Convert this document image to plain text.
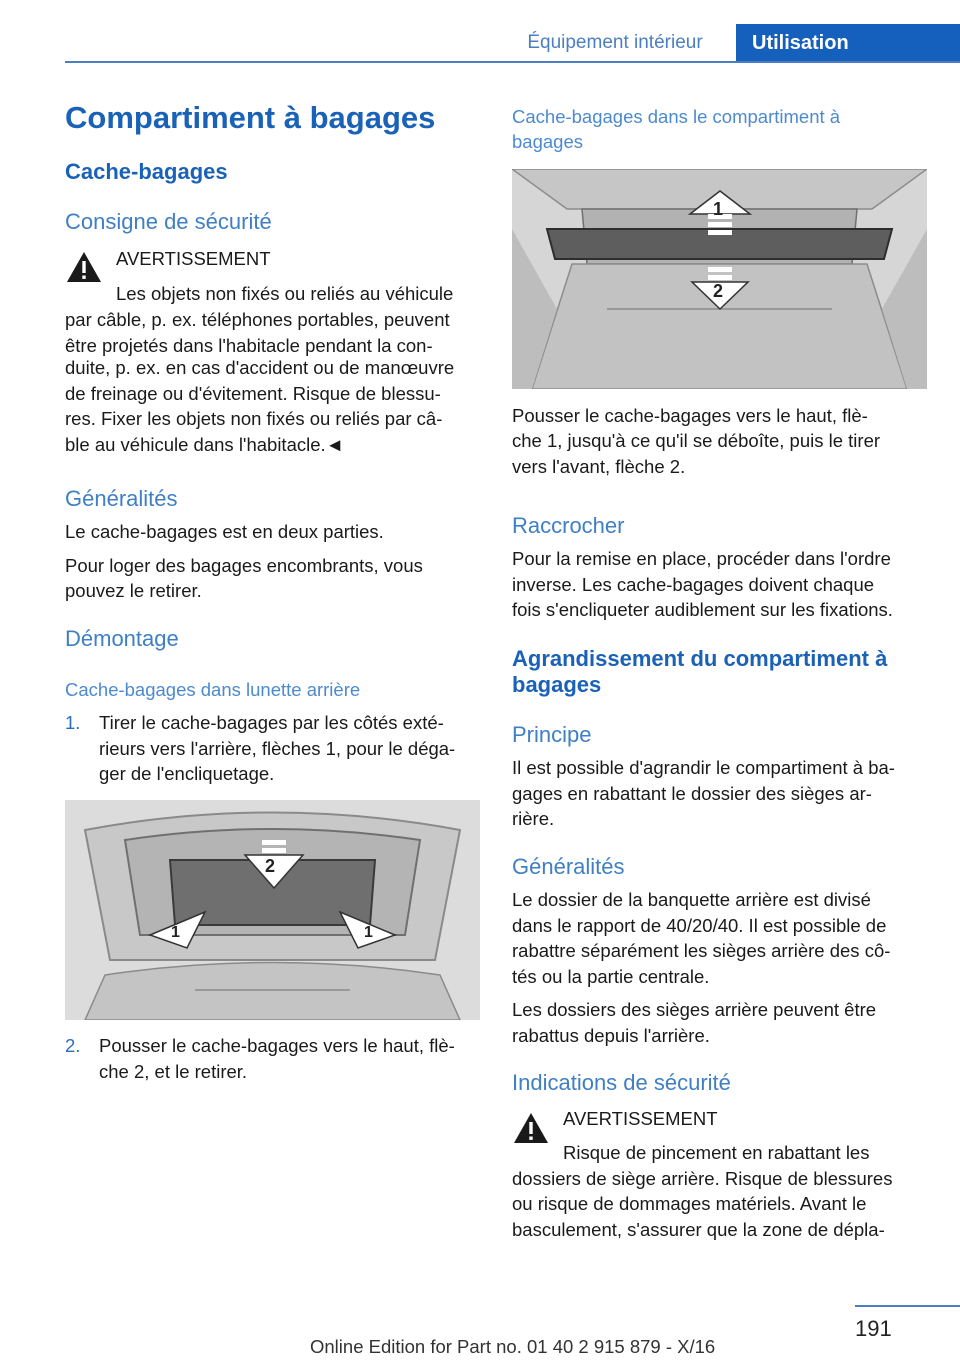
Équipement intérieur	Utilisation
Compartiment à bagages
Cache-bagages
Consigne de sécurité
AVERTISSEMENT
Les objets non fixés ou reliés au véhicule
par câble, p. ex. téléphones portables, peuvent
être projetés dans l'habitacle pendant la con‐
duite, p. ex. en cas d'accident ou de manœuvre
de freinage ou d'évitement. Risque de blessu‐
res. Fixer les objets non fixés ou reliés par câ‐
ble au véhicule dans l'habitacle.◄
Généralités
Le cache-bagages est en deux parties.
Pour loger des bagages encombrants, vous
pouvez le retirer.
Démontage
Cache-bagages dans lunette arrière
1. Tirer le cache-bagages par les côtés exté‐
rieurs vers l'arrière, flèches 1, pour le déga‐
ger de l'encliquetage.
2
1	1
2. Pousser le cache-bagages vers le haut, flè‐
che 2, et le retirer.
Cache-bagages dans le compartiment à
bagages
1
2
Pousser le cache-bagages vers le haut, flè‐
che 1, jusqu'à ce qu'il se déboîte, puis le tirer
vers l'avant, flèche 2.
Raccrocher
Pour la remise en place, procéder dans l'ordre
inverse. Les cache-bagages doivent chaque
fois s'encliqueter audiblement sur les fixations.
Agrandissement du compartiment à
bagages
Principe
Il est possible d'agrandir le compartiment à ba‐
gages en rabattant le dossier des sièges ar‐
rière.
Généralités
Le dossier de la banquette arrière est divisé
dans le rapport de 40/20/40. Il est possible de
rabattre séparément les sièges arrière des cô‐
tés ou la partie centrale.
Les dossiers des sièges arrière peuvent être
rabattus depuis l'arrière.
Indications de sécurité
AVERTISSEMENT
Risque de pincement en rabattant les
dossiers de siège arrière. Risque de blessures
ou risque de dommages matériels. Avant le
basculement, s'assurer que la zone de dépla‐
191
Online Edition for Part no. 01 40 2 915 879 - X/16
